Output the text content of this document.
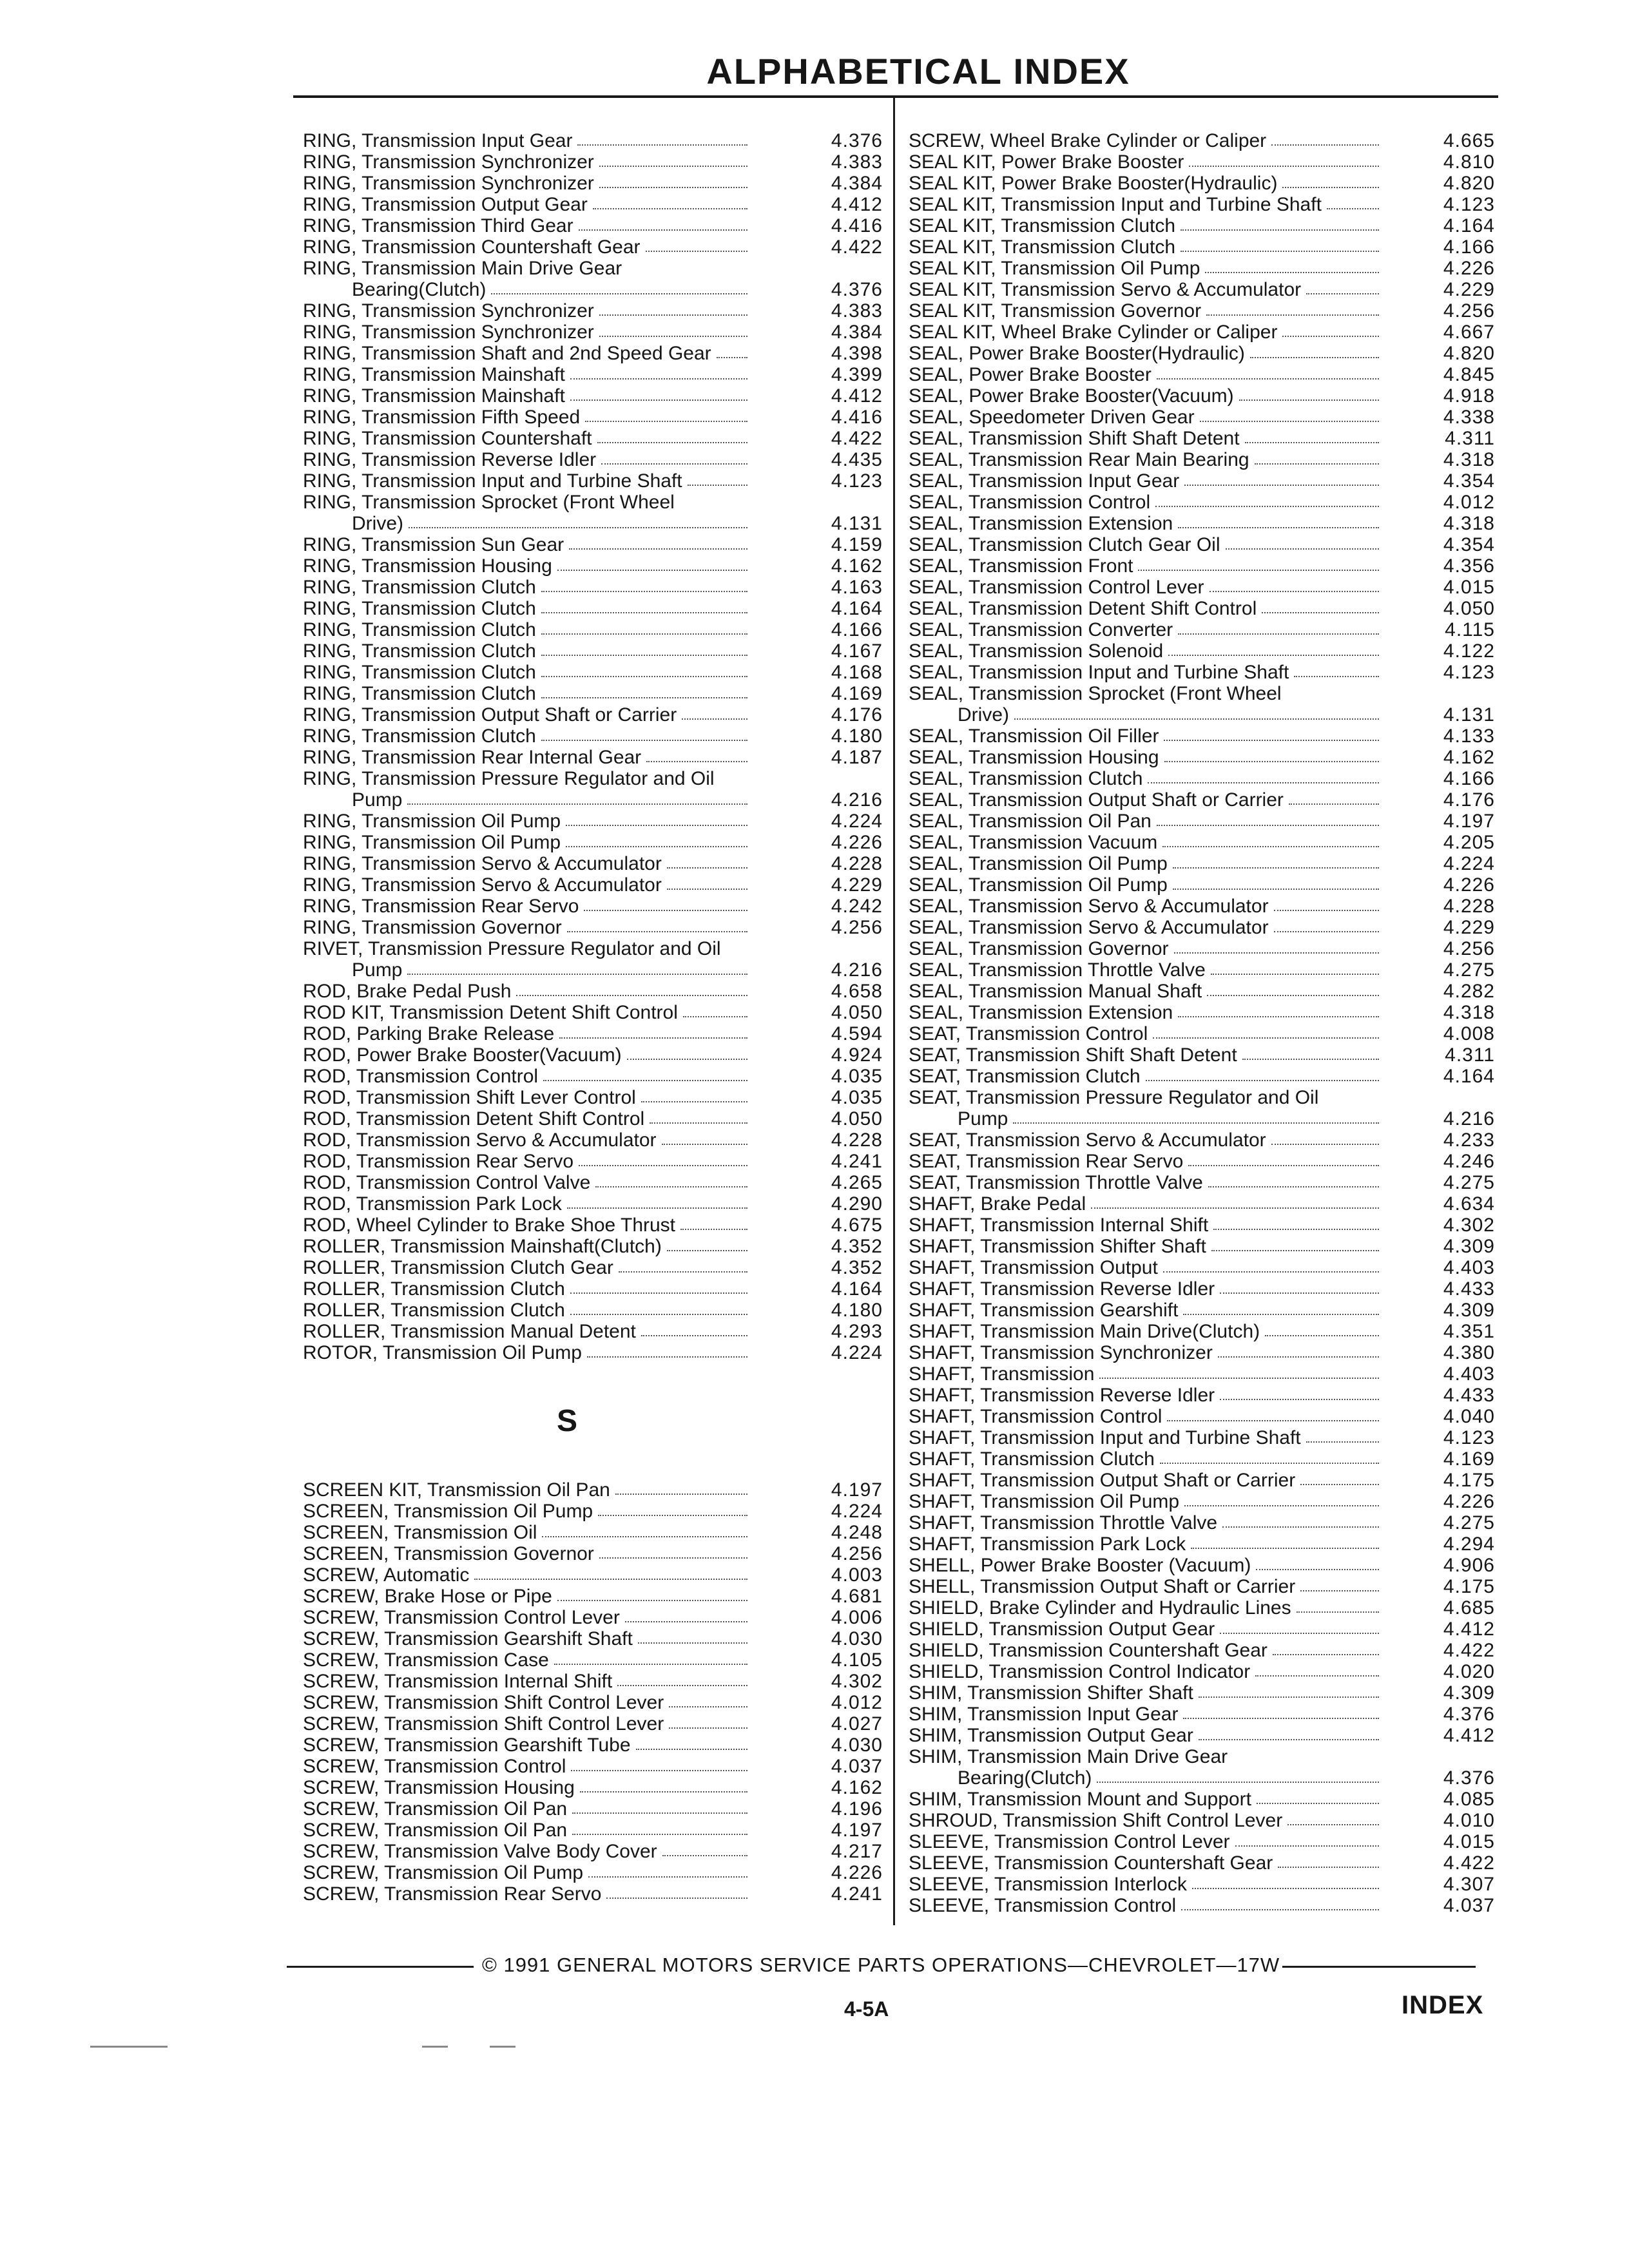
ALPHABETICAL INDEX
RING, Transmission Input Gear	4.376
RING, Transmission Synchronizer	4.383
RING, Transmission Synchronizer	4.384
RING, Transmission Output Gear	4.412
RING, Transmission Third Gear	4.416
RING, Transmission Countershaft Gear	4.422
RING, Transmission Main Drive Gear
Bearing(Clutch)	4.376
RING, Transmission Synchronizer	4.383
RING, Transmission Synchronizer	4.384
RING, Transmission Shaft and 2nd Speed Gear	4.398
RING, Transmission Mainshaft	4.399
RING, Transmission Mainshaft	4.412
RING, Transmission Fifth Speed	4.416
RING, Transmission Countershaft	4.422
RING, Transmission Reverse Idler	4.435
RING, Transmission Input and Turbine Shaft	4.123
RING, Transmission Sprocket (Front Wheel
Drive)	4.131
RING, Transmission Sun Gear	4.159
RING, Transmission Housing	4.162
RING, Transmission Clutch	4.163
RING, Transmission Clutch	4.164
RING, Transmission Clutch	4.166
RING, Transmission Clutch	4.167
RING, Transmission Clutch	4.168
RING, Transmission Clutch	4.169
RING, Transmission Output Shaft or Carrier	4.176
RING, Transmission Clutch	4.180
RING, Transmission Rear Internal Gear	4.187
RING, Transmission Pressure Regulator and Oil
Pump	4.216
RING, Transmission Oil Pump	4.224
RING, Transmission Oil Pump	4.226
RING, Transmission Servo & Accumulator	4.228
RING, Transmission Servo & Accumulator	4.229
RING, Transmission Rear Servo	4.242
RING, Transmission Governor	4.256
RIVET, Transmission Pressure Regulator and Oil
Pump	4.216
ROD, Brake Pedal Push	4.658
ROD KIT, Transmission Detent Shift Control	4.050
ROD, Parking Brake Release	4.594
ROD, Power Brake Booster(Vacuum)	4.924
ROD, Transmission Control	4.035
ROD, Transmission Shift Lever Control	4.035
ROD, Transmission Detent Shift Control	4.050
ROD, Transmission Servo & Accumulator	4.228
ROD, Transmission Rear Servo	4.241
ROD, Transmission Control Valve	4.265
ROD, Transmission Park Lock	4.290
ROD, Wheel Cylinder to Brake Shoe Thrust	4.675
ROLLER, Transmission Mainshaft(Clutch)	4.352
ROLLER, Transmission Clutch Gear	4.352
ROLLER, Transmission Clutch	4.164
ROLLER, Transmission Clutch	4.180
ROLLER, Transmission Manual Detent	4.293
ROTOR, Transmission Oil Pump	4.224
S
SCREEN KIT, Transmission Oil Pan	4.197
SCREEN, Transmission Oil Pump	4.224
SCREEN, Transmission Oil	4.248
SCREEN, Transmission Governor	4.256
SCREW, Automatic	4.003
SCREW, Brake Hose or Pipe	4.681
SCREW, Transmission Control Lever	4.006
SCREW, Transmission Gearshift Shaft	4.030
SCREW, Transmission Case	4.105
SCREW, Transmission Internal Shift	4.302
SCREW, Transmission Shift Control Lever	4.012
SCREW, Transmission Shift Control Lever	4.027
SCREW, Transmission Gearshift Tube	4.030
SCREW, Transmission Control	4.037
SCREW, Transmission Housing	4.162
SCREW, Transmission Oil Pan	4.196
SCREW, Transmission Oil Pan	4.197
SCREW, Transmission Valve Body Cover	4.217
SCREW, Transmission Oil Pump	4.226
SCREW, Transmission Rear Servo	4.241
SCREW, Wheel Brake Cylinder or Caliper	4.665
SEAL KIT, Power Brake Booster	4.810
SEAL KIT, Power Brake Booster(Hydraulic)	4.820
SEAL KIT, Transmission Input and Turbine Shaft	4.123
SEAL KIT, Transmission Clutch	4.164
SEAL KIT, Transmission Clutch	4.166
SEAL KIT, Transmission Oil Pump	4.226
SEAL KIT, Transmission Servo & Accumulator	4.229
SEAL KIT, Transmission Governor	4.256
SEAL KIT, Wheel Brake Cylinder or Caliper	4.667
SEAL, Power Brake Booster(Hydraulic)	4.820
SEAL, Power Brake Booster	4.845
SEAL, Power Brake Booster(Vacuum)	4.918
SEAL, Speedometer Driven Gear	4.338
SEAL, Transmission Shift Shaft Detent	4.311
SEAL, Transmission Rear Main Bearing	4.318
SEAL, Transmission Input Gear	4.354
SEAL, Transmission Control	4.012
SEAL, Transmission Extension	4.318
SEAL, Transmission Clutch Gear Oil	4.354
SEAL, Transmission Front	4.356
SEAL, Transmission Control Lever	4.015
SEAL, Transmission Detent Shift Control	4.050
SEAL, Transmission Converter	4.115
SEAL, Transmission Solenoid	4.122
SEAL, Transmission Input and Turbine Shaft	4.123
SEAL, Transmission Sprocket (Front Wheel
Drive)	4.131
SEAL, Transmission Oil Filler	4.133
SEAL, Transmission Housing	4.162
SEAL, Transmission Clutch	4.166
SEAL, Transmission Output Shaft or Carrier	4.176
SEAL, Transmission Oil Pan	4.197
SEAL, Transmission Vacuum	4.205
SEAL, Transmission Oil Pump	4.224
SEAL, Transmission Oil Pump	4.226
SEAL, Transmission Servo & Accumulator	4.228
SEAL, Transmission Servo & Accumulator	4.229
SEAL, Transmission Governor	4.256
SEAL, Transmission Throttle Valve	4.275
SEAL, Transmission Manual Shaft	4.282
SEAL, Transmission Extension	4.318
SEAT, Transmission Control	4.008
SEAT, Transmission Shift Shaft Detent	4.311
SEAT, Transmission Clutch	4.164
SEAT, Transmission Pressure Regulator and Oil
Pump	4.216
SEAT, Transmission Servo & Accumulator	4.233
SEAT, Transmission Rear Servo	4.246
SEAT, Transmission Throttle Valve	4.275
SHAFT, Brake Pedal	4.634
SHAFT, Transmission Internal Shift	4.302
SHAFT, Transmission Shifter Shaft	4.309
SHAFT, Transmission Output	4.403
SHAFT, Transmission Reverse Idler	4.433
SHAFT, Transmission Gearshift	4.309
SHAFT, Transmission Main Drive(Clutch)	4.351
SHAFT, Transmission Synchronizer	4.380
SHAFT, Transmission	4.403
SHAFT, Transmission Reverse Idler	4.433
SHAFT, Transmission Control	4.040
SHAFT, Transmission Input and Turbine Shaft	4.123
SHAFT, Transmission Clutch	4.169
SHAFT, Transmission Output Shaft or Carrier	4.175
SHAFT, Transmission Oil Pump	4.226
SHAFT, Transmission Throttle Valve	4.275
SHAFT, Transmission Park Lock	4.294
SHELL, Power Brake Booster (Vacuum)	4.906
SHELL, Transmission Output Shaft or Carrier	4.175
SHIELD, Brake Cylinder and Hydraulic Lines	4.685
SHIELD, Transmission Output Gear	4.412
SHIELD, Transmission Countershaft Gear	4.422
SHIELD, Transmission Control Indicator	4.020
SHIM, Transmission Shifter Shaft	4.309
SHIM, Transmission Input Gear	4.376
SHIM, Transmission Output Gear	4.412
SHIM, Transmission Main Drive Gear
Bearing(Clutch)	4.376
SHIM, Transmission Mount and Support	4.085
SHROUD, Transmission Shift Control Lever	4.010
SLEEVE, Transmission Control Lever	4.015
SLEEVE, Transmission Countershaft Gear	4.422
SLEEVE, Transmission Interlock	4.307
SLEEVE, Transmission Control	4.037
© 1991 GENERAL MOTORS SERVICE PARTS OPERATIONS—CHEVROLET—17W
4-5A	INDEX
